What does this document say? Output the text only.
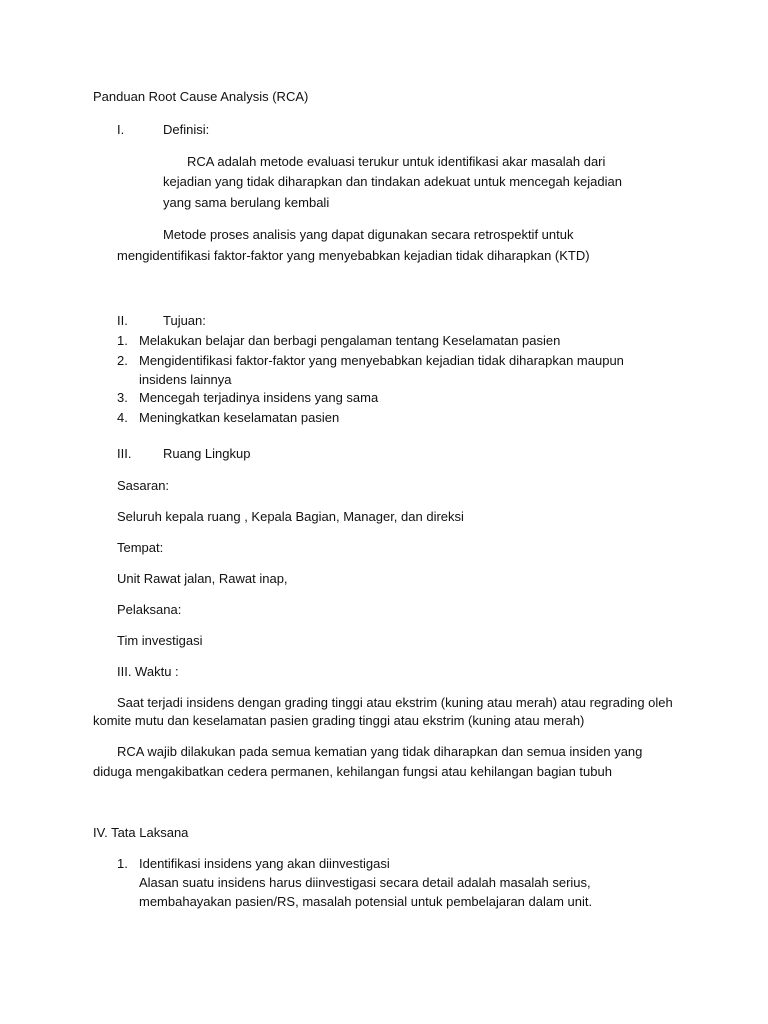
Panduan Root Cause Analysis (RCA)
I.	Definisi:
RCA adalah metode evaluasi terukur untuk identifikasi akar masalah dari
kejadian yang tidak diharapkan dan tindakan adekuat untuk mencegah kejadian
yang sama berulang kembali
Metode proses analisis yang dapat digunakan secara retrospektif untuk
mengidentifikasi faktor-faktor yang menyebabkan kejadian tidak diharapkan (KTD)
II.	Tujuan:
1. Melakukan belajar dan berbagi pengalaman tentang Keselamatan pasien
2. Mengidentifikasi faktor-faktor yang menyebabkan kejadian tidak diharapkan maupun
insidens lainnya
3. Mencegah terjadinya insidens yang sama
4. Meningkatkan keselamatan pasien
III. Ruang Lingkup
Sasaran:
Seluruh kepala ruang , Kepala Bagian, Manager, dan direksi
Tempat:
Unit Rawat jalan, Rawat inap,
Pelaksana:
Tim investigasi
III. Waktu :
Saat terjadi insidens dengan grading tinggi atau ekstrim (kuning atau merah) atau regrading oleh
komite mutu dan keselamatan pasien grading tinggi atau ekstrim (kuning atau merah)
RCA wajib dilakukan pada semua kematian yang tidak diharapkan dan semua insiden yang
diduga mengakibatkan cedera permanen, kehilangan fungsi atau kehilangan bagian tubuh
IV. Tata Laksana
1. Identifikasi insidens yang akan diinvestigasi
Alasan suatu insidens harus diinvestigasi secara detail adalah masalah serius,
membahayakan pasien/RS, masalah potensial untuk pembelajaran dalam unit.
